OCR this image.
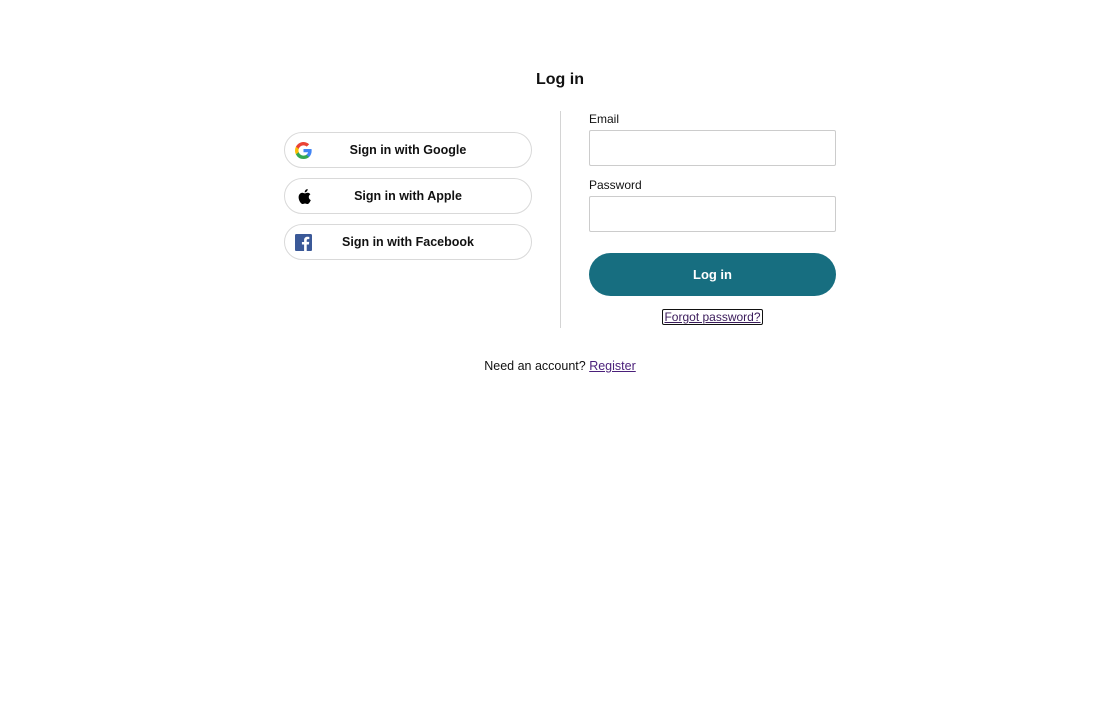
Log in
Sign in with Google
Sign in with Apple
Sign in with Facebook
Email
Password
Log in
Forgot password?
Need an account? Register
